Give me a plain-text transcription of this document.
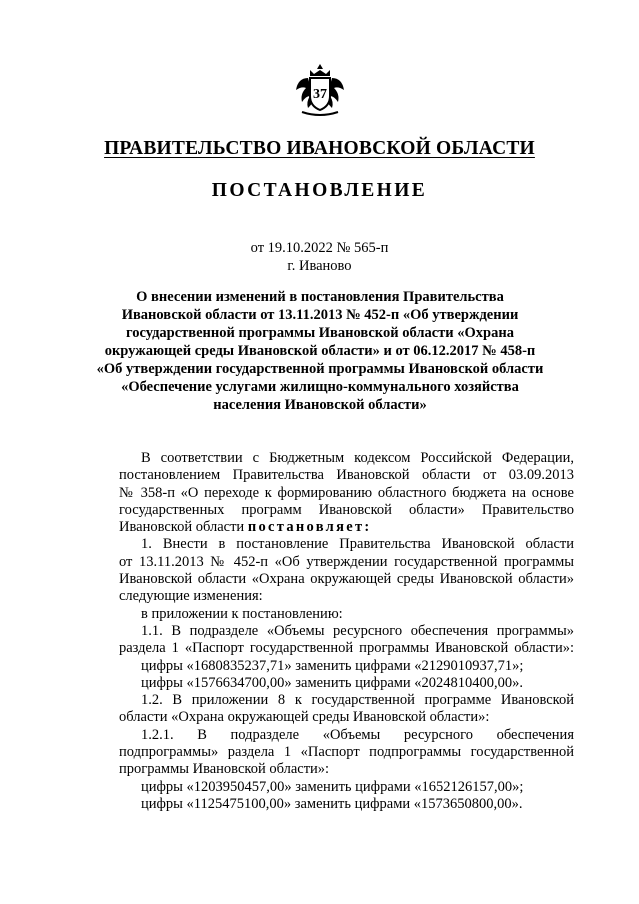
37
ПРАВИТЕЛЬСТВО ИВАНОВСКОЙ ОБЛАСТИ
ПОСТАНОВЛЕНИЕ
от 19.10.2022 № 565-п
г. Иваново
О внесении изменений в постановления Правительства
Ивановской области от 13.11.2013 № 452-п «Об утверждении
государственной программы Ивановской области «Охрана
окружающей среды Ивановской области» и от 06.12.2017 № 458-п
«Об утверждении государственной программы Ивановской области
«Обеспечение услугами жилищно-коммунального хозяйства
населения Ивановской области»
В соответствии с Бюджетным кодексом Российской Федерации,
постановлением Правительства Ивановской области от 03.09.2013
№ 358-п «О переходе к формированию областного бюджета на основе
государственных программ Ивановской области» Правительство
Ивановской области постановляет:
1. Внести в постановление Правительства Ивановской области
от 13.11.2013 № 452-п «Об утверждении государственной программы
Ивановской области «Охрана окружающей среды Ивановской области»
следующие изменения:
в приложении к постановлению:
1.1. В подразделе «Объемы ресурсного обеспечения программы»
раздела 1 «Паспорт государственной программы Ивановской области»:
цифры «1680835237,71» заменить цифрами «2129010937,71»;
цифры «1576634700,00» заменить цифрами «2024810400,00».
1.2. В приложении 8 к государственной программе Ивановской
области «Охрана окружающей среды Ивановской области»:
1.2.1. В подразделе «Объемы ресурсного обеспечения
подпрограммы» раздела 1 «Паспорт подпрограммы государственной
программы Ивановской области»:
цифры «1203950457,00» заменить цифрами «1652126157,00»;
цифры «1125475100,00» заменить цифрами «1573650800,00».
